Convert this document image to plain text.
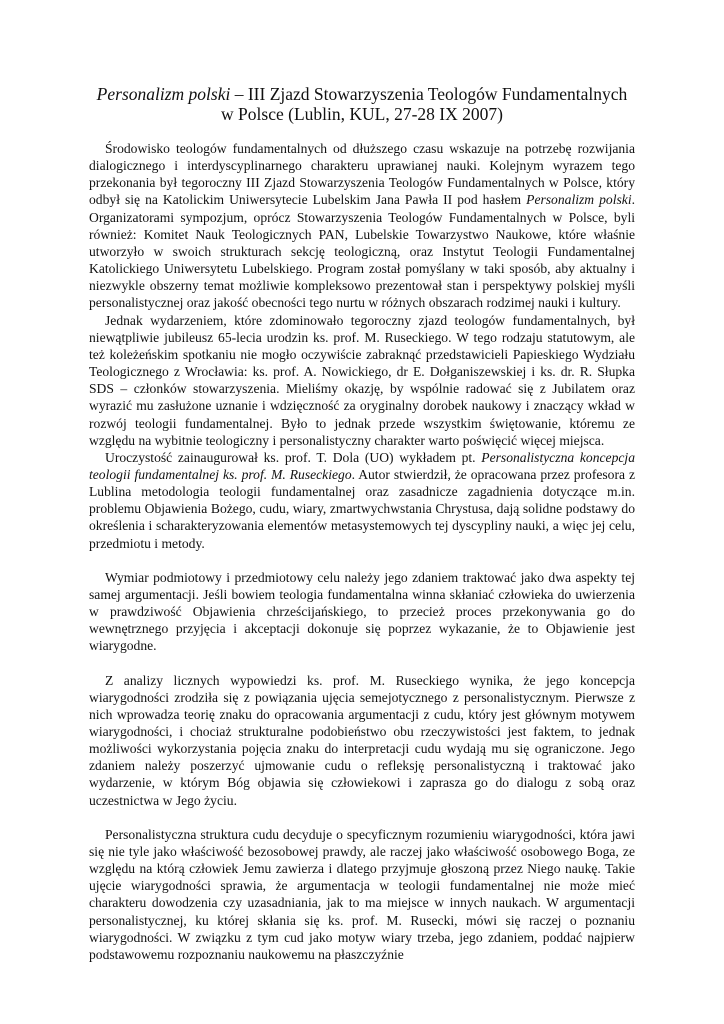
Personalizm polski – III Zjazd Stowarzyszenia Teologów Fundamentalnych
w Polsce (Lublin, KUL, 27-28 IX 2007)

Środowisko teologów fundamentalnych od dłuższego czasu wskazuje na potrzebę rozwijania dialogicznego i interdyscyplinarnego charakteru uprawianej nauki. Kolejnym wyrazem tego przekonania był tegoroczny III Zjazd Stowarzyszenia Teologów Fundamentalnych w Polsce, który odbył się na Katolickim Uniwersytecie Lubelskim Jana Pawła II pod hasłem Personalizm polski. Organizatorami sympozjum, oprócz Stowarzyszenia Teologów Fundamentalnych w Polsce, byli również: Komitet Nauk Teologicznych PAN, Lubelskie Towarzystwo Naukowe, które właśnie utworzyło w swoich strukturach sekcję teologiczną, oraz Instytut Teologii Fundamentalnej Katolickiego Uniwersytetu Lubelskiego. Program został pomyślany w taki sposób, aby aktualny i niezwykle obszerny temat możliwie kompleksowo prezentował stan i perspektywy polskiej myśli personalistycznej oraz jakość obecności tego nurtu w różnych obszarach rodzimej nauki i kultury.

Jednak wydarzeniem, które zdominowało tegoroczny zjazd teologów fundamentalnych, był niewątpliwie jubileusz 65-lecia urodzin ks. prof. M. Ruseckiego. W tego rodzaju statutowym, ale też koleżeńskim spotkaniu nie mogło oczywiście zabraknąć przedstawicieli Papieskiego Wydziału Teologicznego z Wrocławia: ks. prof. A. Nowickiego, dr E. Dołganiszewskiej i ks. dr. R. Słupka SDS – członków stowarzyszenia. Mieliśmy okazję, by wspólnie radować się z Jubilatem oraz wyrazić mu zasłużone uznanie i wdzięczność za oryginalny dorobek naukowy i znaczący wkład w rozwój teologii fundamentalnej. Było to jednak przede wszystkim świętowanie, któremu ze względu na wybitnie teologiczny i personalistyczny charakter warto poświęcić więcej miejsca.

Uroczystość zainaugurował ks. prof. T. Dola (UO) wykładem pt. Personalistyczna koncepcja teologii fundamentalnej ks. prof. M. Ruseckiego. Autor stwierdził, że opracowana przez profesora z Lublina metodologia teologii fundamentalnej oraz zasadnicze zagadnienia dotyczące m.in. problemu Objawienia Bożego, cudu, wiary, zmartwychwstania Chrystusa, dają solidne podstawy do określenia i scharakteryzowania elementów metasystemowych tej dyscypliny nauki, a więc jej celu, przedmiotu i metody.

Wymiar podmiotowy i przedmiotowy celu należy jego zdaniem traktować jako dwa aspekty tej samej argumentacji. Jeśli bowiem teologia fundamentalna winna skłaniać człowieka do uwierzenia w prawdziwość Objawienia chrześcijańskiego, to przecież proces przekonywania go do wewnętrznego przyjęcia i akceptacji dokonuje się poprzez wykazanie, że to Objawienie jest wiarygodne.

Z analizy licznych wypowiedzi ks. prof. M. Ruseckiego wynika, że jego koncepcja wiarygodności zrodziła się z powiązania ujęcia semejotycznego z personalistycznym. Pierwsze z nich wprowadza teorię znaku do opracowania argumentacji z cudu, który jest głównym motywem wiarygodności, i chociaż strukturalne podobieństwo obu rzeczywistości jest faktem, to jednak możliwości wykorzystania pojęcia znaku do interpretacji cudu wydają mu się ograniczone. Jego zdaniem należy poszerzyć ujmowanie cudu o refleksję personalistyczną i traktować jako wydarzenie, w którym Bóg objawia się człowiekowi i zaprasza go do dialogu z sobą oraz uczestnictwa w Jego życiu.

Personalistyczna struktura cudu decyduje o specyficznym rozumieniu wiarygodności, która jawi się nie tyle jako właściwość bezosobowej prawdy, ale raczej jako właściwość osobowego Boga, ze względu na którą człowiek Jemu zawierza i dlatego przyjmuje głoszoną przez Niego naukę. Takie ujęcie wiarygodności sprawia, że argumentacja w teologii fundamentalnej nie może mieć charakteru dowodzenia czy uzasadniania, jak to ma miejsce w innych naukach. W argumentacji personalistycznej, ku której skłania się ks. prof. M. Rusecki, mówi się raczej o poznaniu wiarygodności. W związku z tym cud jako motyw wiary trzeba, jego zdaniem, poddać najpierw podstawowemu rozpoznaniu naukowemu na płaszczyźnie
